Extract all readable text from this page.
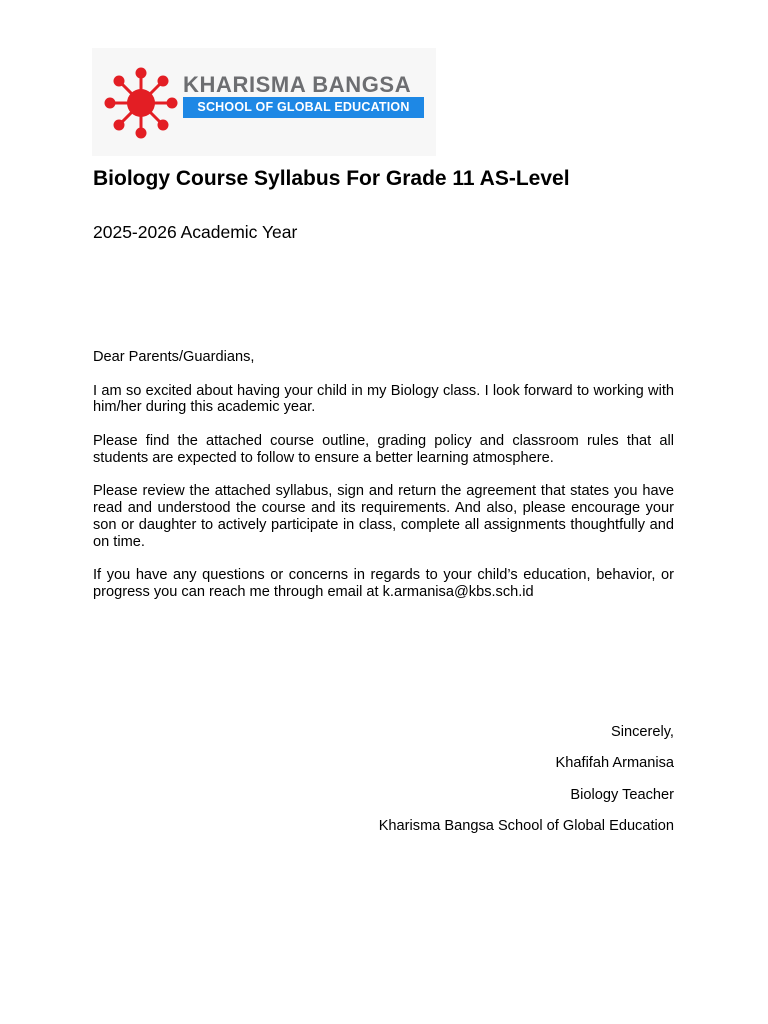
KHARISMA BANGSA
SCHOOL OF GLOBAL EDUCATION
Biology Course Syllabus For Grade 11 AS-Level
2025-2026 Academic Year

Dear Parents/Guardians,

I am so excited about having your child in my Biology class. I look forward to working with him/her during this academic year.

Please find the attached course outline, grading policy and classroom rules that all students are expected to follow to ensure a better learning atmosphere.

Please review the attached syllabus, sign and return the agreement that states you have read and understood the course and its requirements. And also, please encourage your son or daughter to actively participate in class, complete all assignments thoughtfully and on time.

If you have any questions or concerns in regards to your child’s education, behavior, or progress you can reach me through email at k.armanisa@kbs.sch.id

Sincerely,
Khafifah Armanisa
Biology Teacher
Kharisma Bangsa School of Global Education
